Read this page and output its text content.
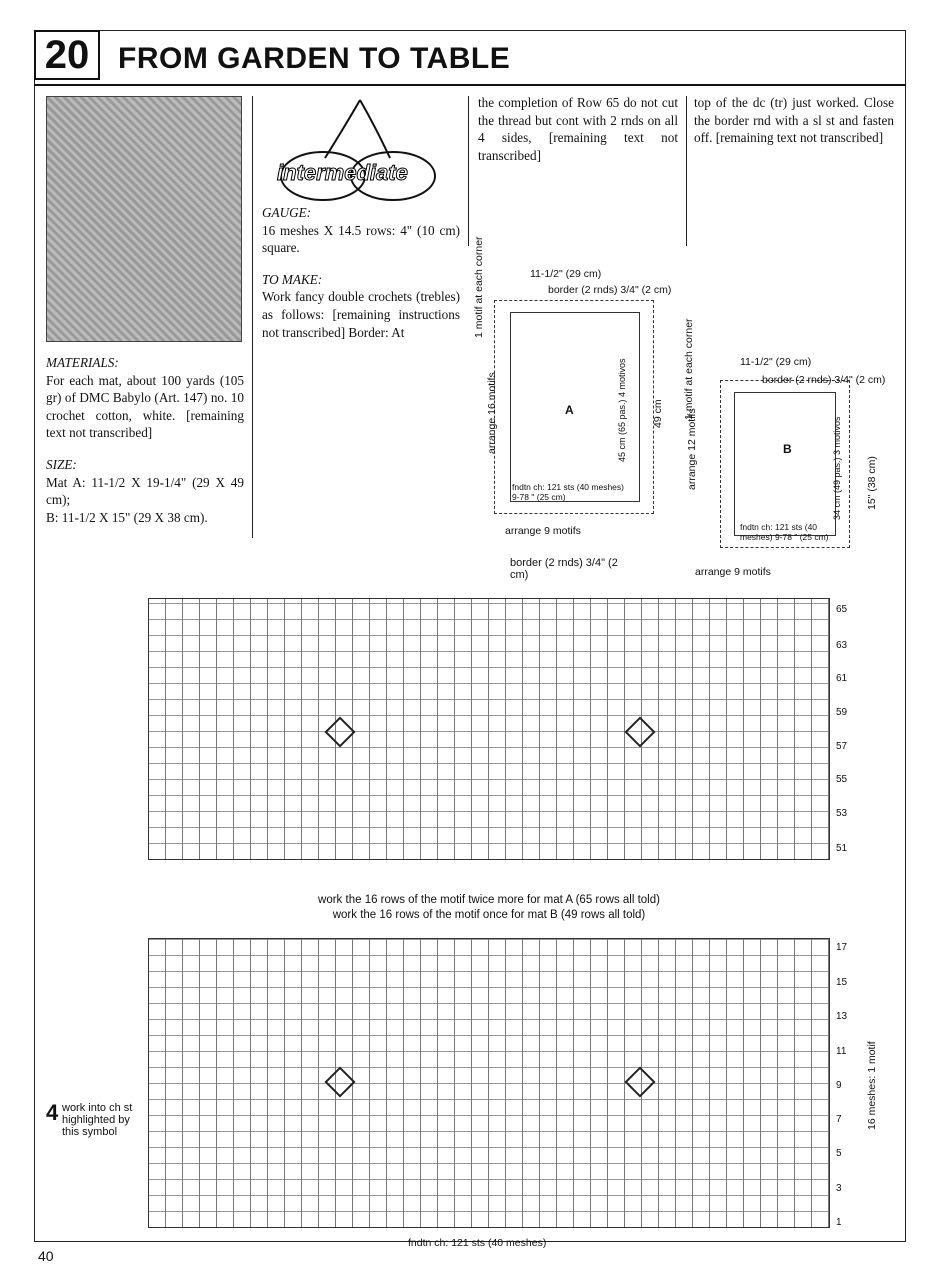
20 FROM GARDEN TO TABLE
MATERIALS:
For each mat, about 100 yards (105 gr) of DMC Babylo (Art. 147) no. 10 crochet cotton, white. [remaining text not transcribed]
SIZE:
Mat A: 11-1/2 X 19-1/4" (29 X 49 cm);
B: 11-1/2 X 15" (29 X 38 cm).
intermediate
GAUGE:
16 meshes X 14.5 rows: 4" (10 cm) square.
TO MAKE:
Work fancy double crochets (trebles) as follows: [remaining instructions not transcribed] Border: At
the completion of Row 65 do not cut the thread but cont with 2 rnds on all 4 sides, [remaining text not transcribed]
top of the dc (tr) just worked. Close the border rnd with a sl st and fasten off. [remaining text not transcribed]
11-1/2" (29 cm)
border (2 rnds) 3/4" (2 cm)
1 motif at each corner
arrange 16 motifs	49 cm
45 cm (65 pas.) 4 motivos
A
fndtn ch: 121 sts (40 meshes) 9-78 " (25 cm)
arrange 9 motifs
11-1/2" (29 cm)
border (2 rnds) 3/4" (2 cm)
1 motif at each corner
arrange 12 motifs	15" (38 cm)
34 cm (49 pas.) 3 motivos
B
fndtn ch: 121 sts (40 meshes) 9-78 " (25 cm)
arrange 9 motifs
border (2 rnds) 3/4" (2 cm)
65
63
61
59
57
55
53
51
work the 16 rows of the motif twice more for mat A (65 rows all told)
work the 16 rows of the motif once for mat B (49 rows all told)
17
15
13
11
9
7
5
3
1
16 meshes: 1 motif
fndtn ch: 121 sts (40 meshes)
4 work into ch st highlighted by this symbol
40
